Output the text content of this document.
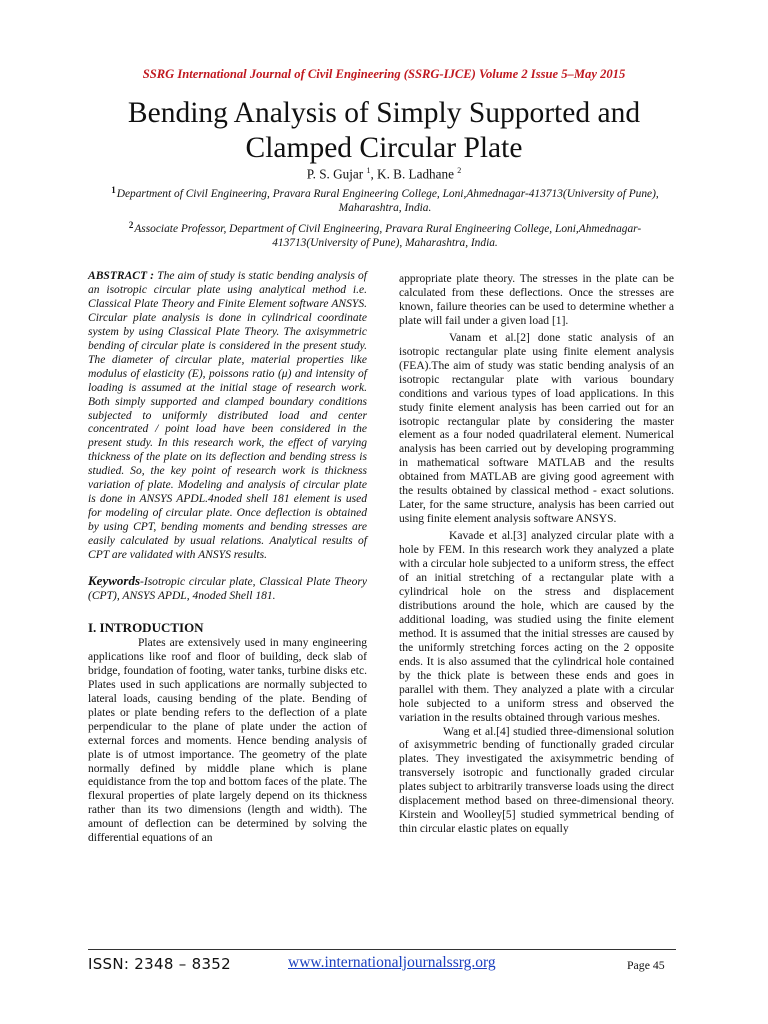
SSRG International Journal of Civil Engineering (SSRG-IJCE) Volume 2 Issue 5–May 2015
Bending Analysis of Simply Supported and
Clamped Circular Plate
P. S. Gujar $^1$, K. B. Ladhane $^2$
$^1$Department of Civil Engineering, Pravara Rural Engineering College, Loni,Ahmednagar-413713(University of Pune), Maharashtra, India.
$^2$Associate Professor, Department of Civil Engineering, Pravara Rural Engineering College, Loni,Ahmednagar-413713(University of Pune), Maharashtra, India.

ABSTRACT : The aim of study is static bending analysis of an isotropic circular plate using analytical method i.e. Classical Plate Theory and Finite Element software ANSYS. Circular plate analysis is done in cylindrical coordinate system by using Classical Plate Theory. The axisymmetric bending of circular plate is considered in the present study. The diameter of circular plate, material properties like modulus of elasticity (E), poissons ratio (μ) and intensity of loading is assumed at the initial stage of research work. Both simply supported and clamped boundary conditions subjected to uniformly distributed load and center concentrated / point load have been considered in the present study. In this research work, the effect of varying thickness of the plate on its deflection and bending stress is studied. So, the key point of research work is thickness variation of plate. Modeling and analysis of circular plate is done in ANSYS APDL.4noded shell 181 element is used for modeling of circular plate. Once deflection is obtained by using CPT, bending moments and bending stresses are easily calculated by usual relations. Analytical results of CPT are validated with ANSYS results.

Keywords-Isotropic circular plate, Classical Plate Theory (CPT), ANSYS APDL, 4noded Shell 181.

I. INTRODUCTION

Plates are extensively used in many engineering applications like roof and floor of building, deck slab of bridge, foundation of footing, water tanks, turbine disks etc. Plates used in such applications are normally subjected to lateral loads, causing bending of the plate. Bending of plates or plate bending refers to the deflection of a plate perpendicular to the plane of plate under the action of external forces and moments. Hence bending analysis of plate is of utmost importance. The geometry of the plate normally defined by middle plane which is plane equidistance from the top and bottom faces of the plate. The flexural properties of plate largely depend on its thickness rather than its two dimensions (length and width). The amount of deflection can be determined by solving the differential equations of an

appropriate plate theory. The stresses in the plate can be calculated from these deflections. Once the stresses are known, failure theories can be used to determine whether a plate will fail under a given load [1].

Vanam et al.[2] done static analysis of an isotropic rectangular plate using finite element analysis (FEA).The aim of study was static bending analysis of an isotropic rectangular plate with various boundary conditions and various types of load applications. In this study finite element analysis has been carried out for an isotropic rectangular plate by considering the master element as a four noded quadrilateral element. Numerical analysis has been carried out by developing programming in mathematical software MATLAB and the results obtained from MATLAB are giving good agreement with the results obtained by classical method - exact solutions. Later, for the same structure, analysis has been carried out using finite element analysis software ANSYS.

Kavade et al.[3] analyzed circular plate with a hole by FEM. In this research work they analyzed a plate with a circular hole subjected to a uniform stress, the effect of an initial stretching of a rectangular plate with a cylindrical hole on the stress and displacement distributions around the hole, which are caused by the additional loading, was studied using the finite element method. It is assumed that the initial stresses are caused by the uniformly stretching forces acting on the 2 opposite ends. It is also assumed that the cylindrical hole contained by the thick plate is between these ends and goes in parallel with them. They analyzed a plate with a circular hole subjected to a uniform stress and observed the variation in the results obtained through various meshes.

Wang et al.[4] studied three-dimensional solution of axisymmetric bending of functionally graded circular plates. They investigated the axisymmetric bending of transversely isotropic and functionally graded circular plates subject to arbitrarily transverse loads using the direct displacement method based on three-dimensional theory. Kirstein and Woolley[5] studied symmetrical bending of thin circular elastic plates on equally

ISSN: 2348 – 8352	www.internationaljournalssrg.org	Page 45
